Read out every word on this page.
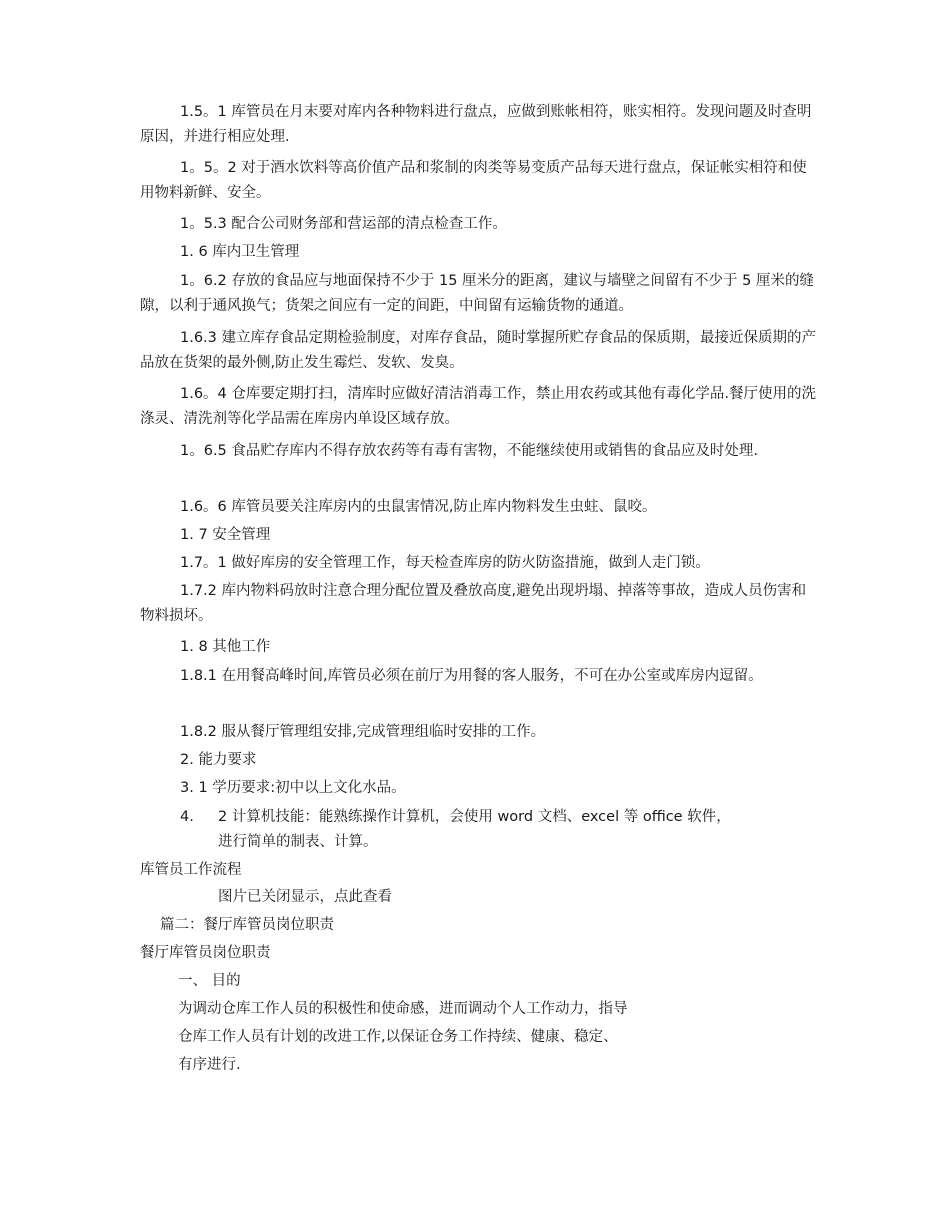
1.5。1 库管员在月末要对库内各种物料进行盘点，应做到账帐相符，账实相符。发现问题及时查明原因，并进行相应处理.
1。5。2 对于酒水饮料等高价值产品和浆制的肉类等易变质产品每天进行盘点，保证帐实相符和使用物料新鲜、安全。
1。5.3 配合公司财务部和营运部的清点检查工作。
1. 6 库内卫生管理
1。6.2 存放的食品应与地面保持不少于 15 厘米分的距离，建议与墙壁之间留有不少于 5 厘米的缝隙，以利于通风换气；货架之间应有一定的间距，中间留有运输货物的通道。
1.6.3 建立库存食品定期检验制度，对库存食品，随时掌握所贮存食品的保质期，最接近保质期的产品放在货架的最外侧,防止发生霉烂、发软、发臭。
1.6。4 仓库要定期打扫，清库时应做好清洁消毒工作，禁止用农药或其他有毒化学品.餐厅使用的洗涤灵、清洗剂等化学品需在库房内单设区域存放。
1。6.5 食品贮存库内不得存放农药等有毒有害物，不能继续使用或销售的食品应及时处理.
1.6。6 库管员要关注库房内的虫鼠害情况,防止库内物料发生虫蛀、鼠咬。
1. 7 安全管理
1.7。1 做好库房的安全管理工作，每天检查库房的防火防盗措施，做到人走门锁。
1.7.2 库内物料码放时注意合理分配位置及叠放高度,避免出现坍塌、掉落等事故，造成人员伤害和物料损坏。
1. 8 其他工作
1.8.1 在用餐高峰时间,库管员必须在前厅为用餐的客人服务，不可在办公室或库房内逗留。
1.8.2 服从餐厅管理组安排,完成管理组临时安排的工作。
2. 能力要求
3. 1 学历要求:初中以上文化水品。
4.	2 计算机技能：能熟练操作计算机，会使用 word 文档、excel 等 office 软件，
进行简单的制表、计算。
库管员工作流程
图片已关闭显示，点此查看
篇二：餐厅库管员岗位职责
餐厅库管员岗位职责
一、 目的
为调动仓库工作人员的积极性和使命感，进而调动个人工作动力，指导
仓库工作人员有计划的改进工作,以保证仓务工作持续、健康、稳定、
有序进行.
